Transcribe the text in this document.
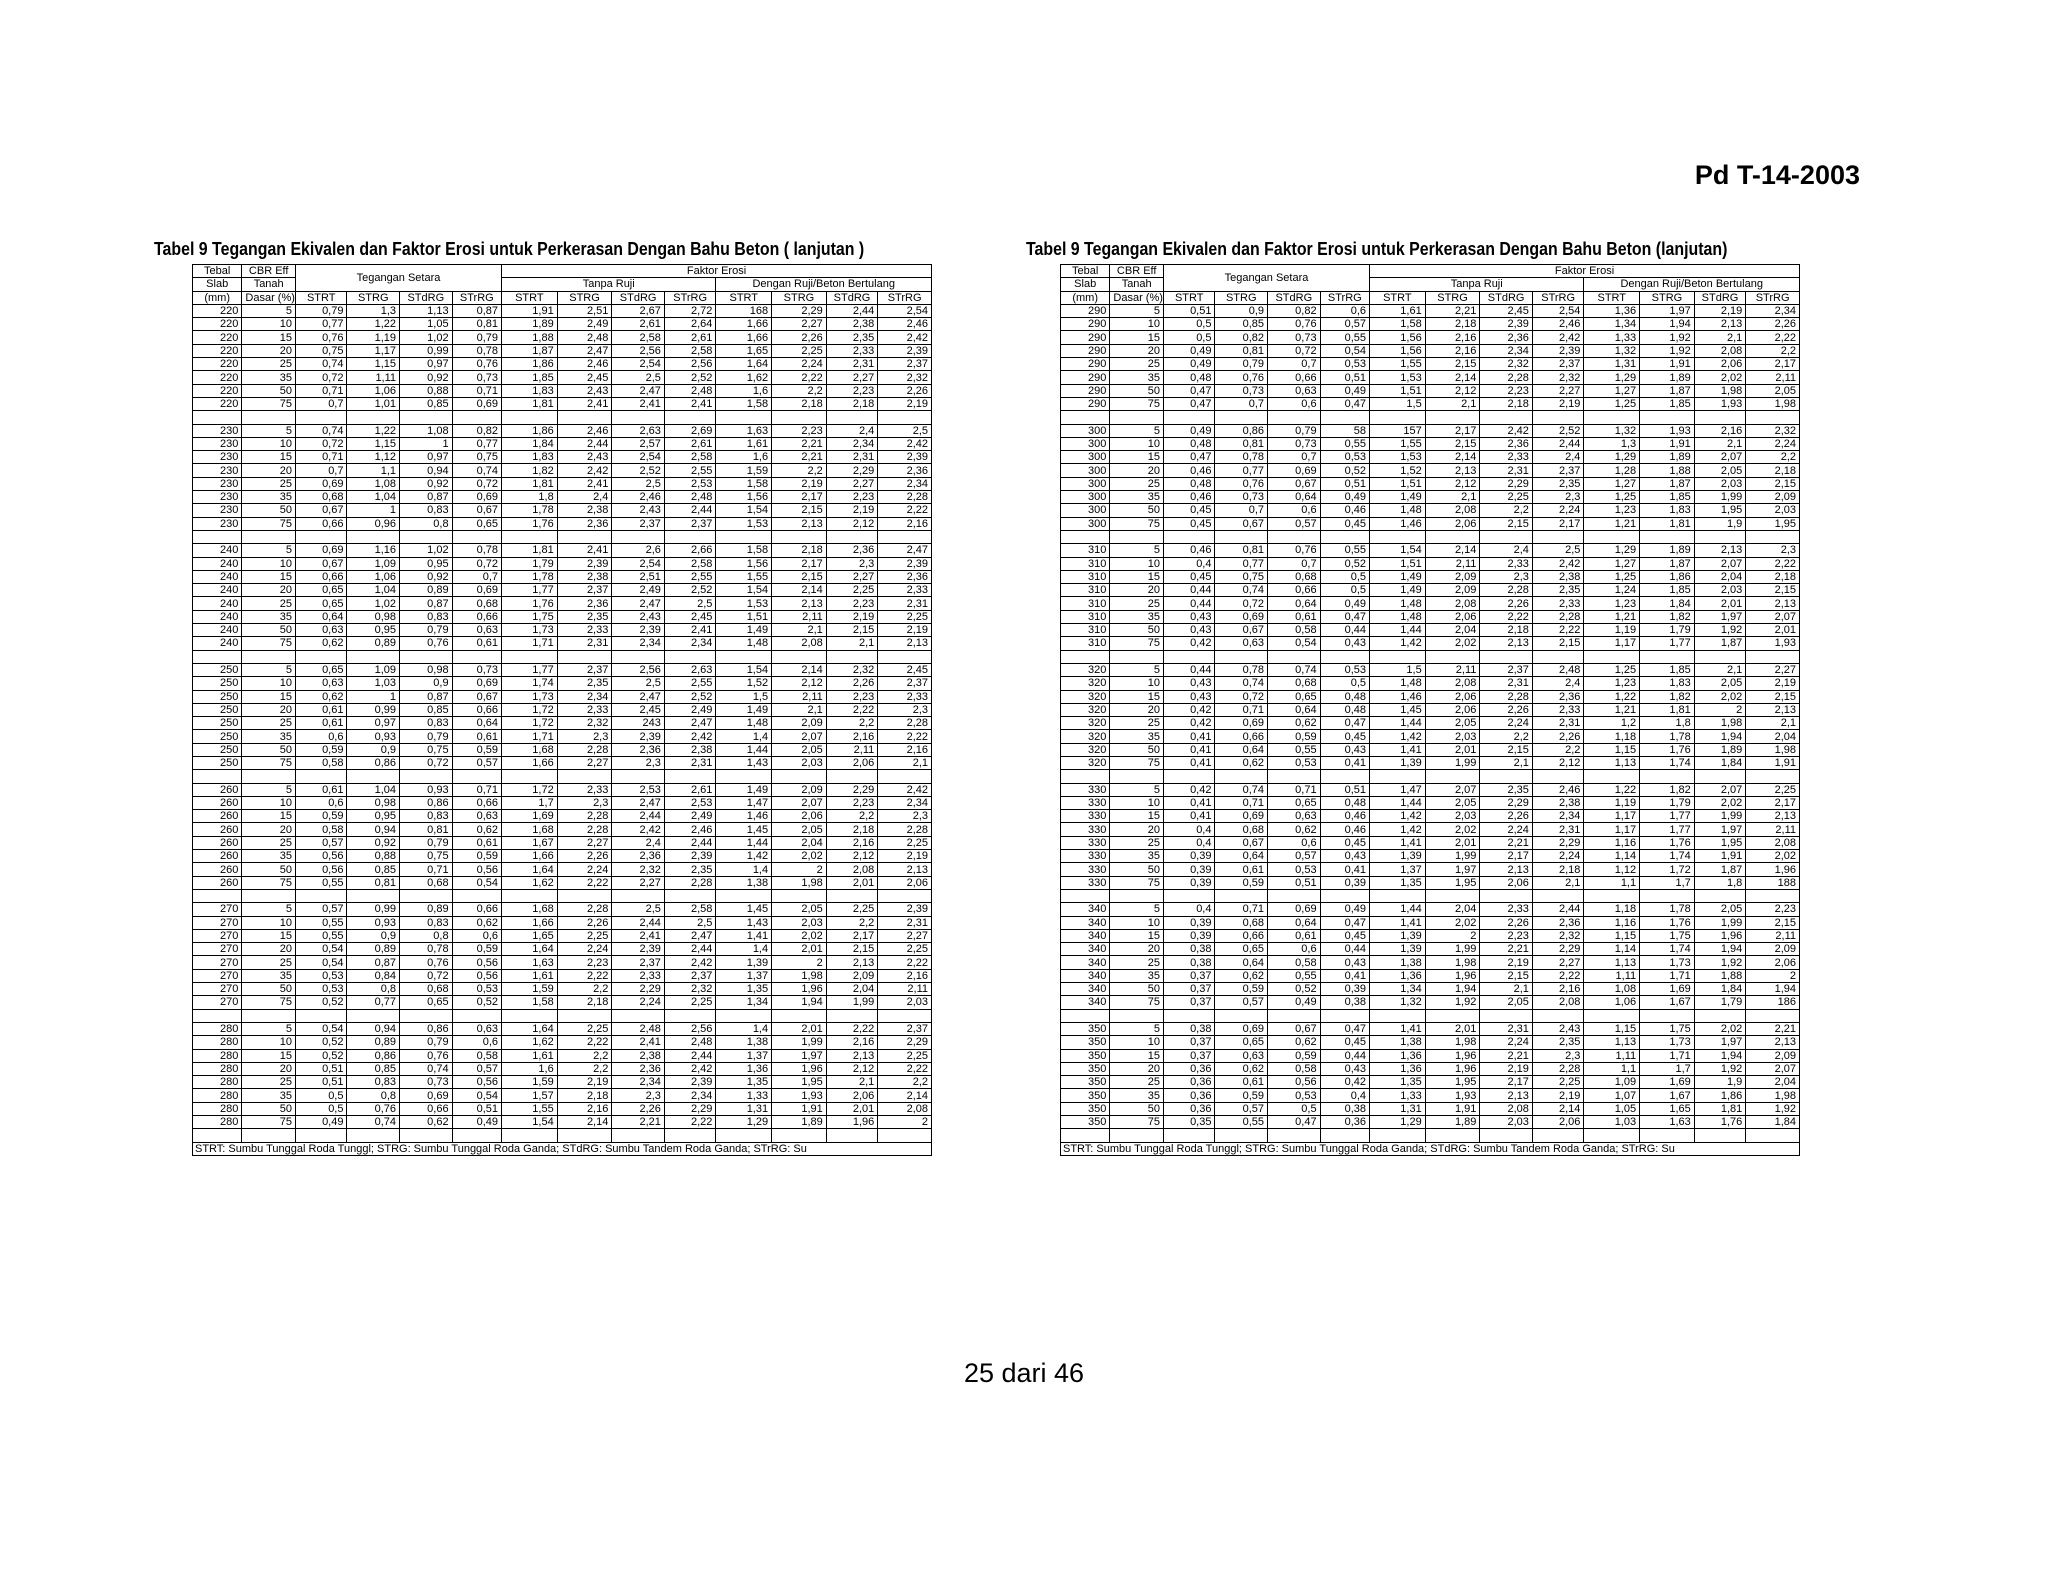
Pd T-14-2003
Tabel 9 Tegangan Ekivalen dan Faktor Erosi untuk Perkerasan Dengan Bahu Beton ( lanjutan )
Tebal	CBR Eff	Tegangan Setara				Faktor Erosi							
Slab	Tanah					Tanpa Ruji				Dengan Ruji/Beton Bertulang			
(mm)	Dasar (%)	STRT	STRG	STdRG	STrRG	STRT	STRG	STdRG	STrRG	STRT	STRG	STdRG	STrRG
220	5	0,79	1,3	1,13	0,87	1,91	2,51	2,67	2,72	168	2,29	2,44	2,54
220	10	0,77	1,22	1,05	0,81	1,89	2,49	2,61	2,64	1,66	2,27	2,38	2,46
220	15	0,76	1,19	1,02	0,79	1,88	2,48	2,58	2,61	1,66	2,26	2,35	2,42
220	20	0,75	1,17	0,99	0,78	1,87	2,47	2,56	2,58	1,65	2,25	2,33	2,39
220	25	0,74	1,15	0,97	0,76	1,86	2,46	2,54	2,56	1,64	2,24	2,31	2,37
220	35	0,72	1,11	0,92	0,73	1,85	2,45	2,5	2,52	1,62	2,22	2,27	2,32
220	50	0,71	1,06	0,88	0,71	1,83	2,43	2,47	2,48	1,6	2,2	2,23	2,26
220	75	0,7	1,01	0,85	0,69	1,81	2,41	2,41	2,41	1,58	2,18	2,18	2,19

230	5	0,74	1,22	1,08	0,82	1,86	2,46	2,63	2,69	1,63	2,23	2,4	2,5
230	10	0,72	1,15	1	0,77	1,84	2,44	2,57	2,61	1,61	2,21	2,34	2,42
230	15	0,71	1,12	0,97	0,75	1,83	2,43	2,54	2,58	1,6	2,21	2,31	2,39
230	20	0,7	1,1	0,94	0,74	1,82	2,42	2,52	2,55	1,59	2,2	2,29	2,36
230	25	0,69	1,08	0,92	0,72	1,81	2,41	2,5	2,53	1,58	2,19	2,27	2,34
230	35	0,68	1,04	0,87	0,69	1,8	2,4	2,46	2,48	1,56	2,17	2,23	2,28
230	50	0,67	1	0,83	0,67	1,78	2,38	2,43	2,44	1,54	2,15	2,19	2,22
230	75	0,66	0,96	0,8	0,65	1,76	2,36	2,37	2,37	1,53	2,13	2,12	2,16

240	5	0,69	1,16	1,02	0,78	1,81	2,41	2,6	2,66	1,58	2,18	2,36	2,47
240	10	0,67	1,09	0,95	0,72	1,79	2,39	2,54	2,58	1,56	2,17	2,3	2,39
240	15	0,66	1,06	0,92	0,7	1,78	2,38	2,51	2,55	1,55	2,15	2,27	2,36
240	20	0,65	1,04	0,89	0,69	1,77	2,37	2,49	2,52	1,54	2,14	2,25	2,33
240	25	0,65	1,02	0,87	0,68	1,76	2,36	2,47	2,5	1,53	2,13	2,23	2,31
240	35	0,64	0,98	0,83	0,66	1,75	2,35	2,43	2,45	1,51	2,11	2,19	2,25
240	50	0,63	0,95	0,79	0,63	1,73	2,33	2,39	2,41	1,49	2,1	2,15	2,19
240	75	0,62	0,89	0,76	0,61	1,71	2,31	2,34	2,34	1,48	2,08	2,1	2,13

250	5	0,65	1,09	0,98	0,73	1,77	2,37	2,56	2,63	1,54	2,14	2,32	2,45
250	10	0,63	1,03	0,9	0,69	1,74	2,35	2,5	2,55	1,52	2,12	2,26	2,37
250	15	0,62	1	0,87	0,67	1,73	2,34	2,47	2,52	1,5	2,11	2,23	2,33
250	20	0,61	0,99	0,85	0,66	1,72	2,33	2,45	2,49	1,49	2,1	2,22	2,3
250	25	0,61	0,97	0,83	0,64	1,72	2,32	243	2,47	1,48	2,09	2,2	2,28
250	35	0,6	0,93	0,79	0,61	1,71	2,3	2,39	2,42	1,4	2,07	2,16	2,22
250	50	0,59	0,9	0,75	0,59	1,68	2,28	2,36	2,38	1,44	2,05	2,11	2,16
250	75	0,58	0,86	0,72	0,57	1,66	2,27	2,3	2,31	1,43	2,03	2,06	2,1

260	5	0,61	1,04	0,93	0,71	1,72	2,33	2,53	2,61	1,49	2,09	2,29	2,42
260	10	0,6	0,98	0,86	0,66	1,7	2,3	2,47	2,53	1,47	2,07	2,23	2,34
260	15	0,59	0,95	0,83	0,63	1,69	2,28	2,44	2,49	1,46	2,06	2,2	2,3
260	20	0,58	0,94	0,81	0,62	1,68	2,28	2,42	2,46	1,45	2,05	2,18	2,28
260	25	0,57	0,92	0,79	0,61	1,67	2,27	2,4	2,44	1,44	2,04	2,16	2,25
260	35	0,56	0,88	0,75	0,59	1,66	2,26	2,36	2,39	1,42	2,02	2,12	2,19
260	50	0,56	0,85	0,71	0,56	1,64	2,24	2,32	2,35	1,4	2	2,08	2,13
260	75	0,55	0,81	0,68	0,54	1,62	2,22	2,27	2,28	1,38	1,98	2,01	2,06

270	5	0,57	0,99	0,89	0,66	1,68	2,28	2,5	2,58	1,45	2,05	2,25	2,39
270	10	0,55	0,93	0,83	0,62	1,66	2,26	2,44	2,5	1,43	2,03	2,2	2,31
270	15	0,55	0,9	0,8	0,6	1,65	2,25	2,41	2,47	1,41	2,02	2,17	2,27
270	20	0,54	0,89	0,78	0,59	1,64	2,24	2,39	2,44	1,4	2,01	2,15	2,25
270	25	0,54	0,87	0,76	0,56	1,63	2,23	2,37	2,42	1,39	2	2,13	2,22
270	35	0,53	0,84	0,72	0,56	1,61	2,22	2,33	2,37	1,37	1,98	2,09	2,16
270	50	0,53	0,8	0,68	0,53	1,59	2,2	2,29	2,32	1,35	1,96	2,04	2,11
270	75	0,52	0,77	0,65	0,52	1,58	2,18	2,24	2,25	1,34	1,94	1,99	2,03

280	5	0,54	0,94	0,86	0,63	1,64	2,25	2,48	2,56	1,4	2,01	2,22	2,37
280	10	0,52	0,89	0,79	0,6	1,62	2,22	2,41	2,48	1,38	1,99	2,16	2,29
280	15	0,52	0,86	0,76	0,58	1,61	2,2	2,38	2,44	1,37	1,97	2,13	2,25
280	20	0,51	0,85	0,74	0,57	1,6	2,2	2,36	2,42	1,36	1,96	2,12	2,22
280	25	0,51	0,83	0,73	0,56	1,59	2,19	2,34	2,39	1,35	1,95	2,1	2,2
280	35	0,5	0,8	0,69	0,54	1,57	2,18	2,3	2,34	1,33	1,93	2,06	2,14
280	50	0,5	0,76	0,66	0,51	1,55	2,16	2,26	2,29	1,31	1,91	2,01	2,08
280	75	0,49	0,74	0,62	0,49	1,54	2,14	2,21	2,22	1,29	1,89	1,96	2

STRT: Sumbu Tunggal Roda Tunggl; STRG: Sumbu Tunggal Roda Ganda; STdRG: Sumbu Tandem Roda Ganda; STrRG: Su													
Tabel 9 Tegangan Ekivalen dan Faktor Erosi untuk Perkerasan Dengan Bahu Beton (lanjutan)
Tebal	CBR Eff	Tegangan Setara				Faktor Erosi							
Slab	Tanah					Tanpa Ruji				Dengan Ruji/Beton Bertulang			
(mm)	Dasar (%)	STRT	STRG	STdRG	STrRG	STRT	STRG	STdRG	STrRG	STRT	STRG	STdRG	STrRG
290	5	0,51	0,9	0,82	0,6	1,61	2,21	2,45	2,54	1,36	1,97	2,19	2,34
290	10	0,5	0,85	0,76	0,57	1,58	2,18	2,39	2,46	1,34	1,94	2,13	2,26
290	15	0,5	0,82	0,73	0,55	1,56	2,16	2,36	2,42	1,33	1,92	2,1	2,22
290	20	0,49	0,81	0,72	0,54	1,56	2,16	2,34	2,39	1,32	1,92	2,08	2,2
290	25	0,49	0,79	0,7	0,53	1,55	2,15	2,32	2,37	1,31	1,91	2,06	2,17
290	35	0,48	0,76	0,66	0,51	1,53	2,14	2,28	2,32	1,29	1,89	2,02	2,11
290	50	0,47	0,73	0,63	0,49	1,51	2,12	2,23	2,27	1,27	1,87	1,98	2,05
290	75	0,47	0,7	0,6	0,47	1,5	2,1	2,18	2,19	1,25	1,85	1,93	1,98

300	5	0,49	0,86	0,79	58	157	2,17	2,42	2,52	1,32	1,93	2,16	2,32
300	10	0,48	0,81	0,73	0,55	1,55	2,15	2,36	2,44	1,3	1,91	2,1	2,24
300	15	0,47	0,78	0,7	0,53	1,53	2,14	2,33	2,4	1,29	1,89	2,07	2,2
300	20	0,46	0,77	0,69	0,52	1,52	2,13	2,31	2,37	1,28	1,88	2,05	2,18
300	25	0,48	0,76	0,67	0,51	1,51	2,12	2,29	2,35	1,27	1,87	2,03	2,15
300	35	0,46	0,73	0,64	0,49	1,49	2,1	2,25	2,3	1,25	1,85	1,99	2,09
300	50	0,45	0,7	0,6	0,46	1,48	2,08	2,2	2,24	1,23	1,83	1,95	2,03
300	75	0,45	0,67	0,57	0,45	1,46	2,06	2,15	2,17	1,21	1,81	1,9	1,95

310	5	0,46	0,81	0,76	0,55	1,54	2,14	2,4	2,5	1,29	1,89	2,13	2,3
310	10	0,4	0,77	0,7	0,52	1,51	2,11	2,33	2,42	1,27	1,87	2,07	2,22
310	15	0,45	0,75	0,68	0,5	1,49	2,09	2,3	2,38	1,25	1,86	2,04	2,18
310	20	0,44	0,74	0,66	0,5	1,49	2,09	2,28	2,35	1,24	1,85	2,03	2,15
310	25	0,44	0,72	0,64	0,49	1,48	2,08	2,26	2,33	1,23	1,84	2,01	2,13
310	35	0,43	0,69	0,61	0,47	1,48	2,06	2,22	2,28	1,21	1,82	1,97	2,07
310	50	0,43	0,67	0,58	0,44	1,44	2,04	2,18	2,22	1,19	1,79	1,92	2,01
310	75	0,42	0,63	0,54	0,43	1,42	2,02	2,13	2,15	1,17	1,77	1,87	1,93

320	5	0,44	0,78	0,74	0,53	1,5	2,11	2,37	2,48	1,25	1,85	2,1	2,27
320	10	0,43	0,74	0,68	0,5	1,48	2,08	2,31	2,4	1,23	1,83	2,05	2,19
320	15	0,43	0,72	0,65	0,48	1,46	2,06	2,28	2,36	1,22	1,82	2,02	2,15
320	20	0,42	0,71	0,64	0,48	1,45	2,06	2,26	2,33	1,21	1,81	2	2,13
320	25	0,42	0,69	0,62	0,47	1,44	2,05	2,24	2,31	1,2	1,8	1,98	2,1
320	35	0,41	0,66	0,59	0,45	1,42	2,03	2,2	2,26	1,18	1,78	1,94	2,04
320	50	0,41	0,64	0,55	0,43	1,41	2,01	2,15	2,2	1,15	1,76	1,89	1,98
320	75	0,41	0,62	0,53	0,41	1,39	1,99	2,1	2,12	1,13	1,74	1,84	1,91

330	5	0,42	0,74	0,71	0,51	1,47	2,07	2,35	2,46	1,22	1,82	2,07	2,25
330	10	0,41	0,71	0,65	0,48	1,44	2,05	2,29	2,38	1,19	1,79	2,02	2,17
330	15	0,41	0,69	0,63	0,46	1,42	2,03	2,26	2,34	1,17	1,77	1,99	2,13
330	20	0,4	0,68	0,62	0,46	1,42	2,02	2,24	2,31	1,17	1,77	1,97	2,11
330	25	0,4	0,67	0,6	0,45	1,41	2,01	2,21	2,29	1,16	1,76	1,95	2,08
330	35	0,39	0,64	0,57	0,43	1,39	1,99	2,17	2,24	1,14	1,74	1,91	2,02
330	50	0,39	0,61	0,53	0,41	1,37	1,97	2,13	2,18	1,12	1,72	1,87	1,96
330	75	0,39	0,59	0,51	0,39	1,35	1,95	2,06	2,1	1,1	1,7	1,8	188

340	5	0,4	0,71	0,69	0,49	1,44	2,04	2,33	2,44	1,18	1,78	2,05	2,23
340	10	0,39	0,68	0,64	0,47	1,41	2,02	2,26	2,36	1,16	1,76	1,99	2,15
340	15	0,39	0,66	0,61	0,45	1,39	2	2,23	2,32	1,15	1,75	1,96	2,11
340	20	0,38	0,65	0,6	0,44	1,39	1,99	2,21	2,29	1,14	1,74	1,94	2,09
340	25	0,38	0,64	0,58	0,43	1,38	1,98	2,19	2,27	1,13	1,73	1,92	2,06
340	35	0,37	0,62	0,55	0,41	1,36	1,96	2,15	2,22	1,11	1,71	1,88	2
340	50	0,37	0,59	0,52	0,39	1,34	1,94	2,1	2,16	1,08	1,69	1,84	1,94
340	75	0,37	0,57	0,49	0,38	1,32	1,92	2,05	2,08	1,06	1,67	1,79	186

350	5	0,38	0,69	0,67	0,47	1,41	2,01	2,31	2,43	1,15	1,75	2,02	2,21
350	10	0,37	0,65	0,62	0,45	1,38	1,98	2,24	2,35	1,13	1,73	1,97	2,13
350	15	0,37	0,63	0,59	0,44	1,36	1,96	2,21	2,3	1,11	1,71	1,94	2,09
350	20	0,36	0,62	0,58	0,43	1,36	1,96	2,19	2,28	1,1	1,7	1,92	2,07
350	25	0,36	0,61	0,56	0,42	1,35	1,95	2,17	2,25	1,09	1,69	1,9	2,04
350	35	0,36	0,59	0,53	0,4	1,33	1,93	2,13	2,19	1,07	1,67	1,86	1,98
350	50	0,36	0,57	0,5	0,38	1,31	1,91	2,08	2,14	1,05	1,65	1,81	1,92
350	75	0,35	0,55	0,47	0,36	1,29	1,89	2,03	2,06	1,03	1,63	1,76	1,84

STRT: Sumbu Tunggal Roda Tunggl; STRG: Sumbu Tunggal Roda Ganda; STdRG: Sumbu Tandem Roda Ganda; STrRG: Su													
25 dari 46
